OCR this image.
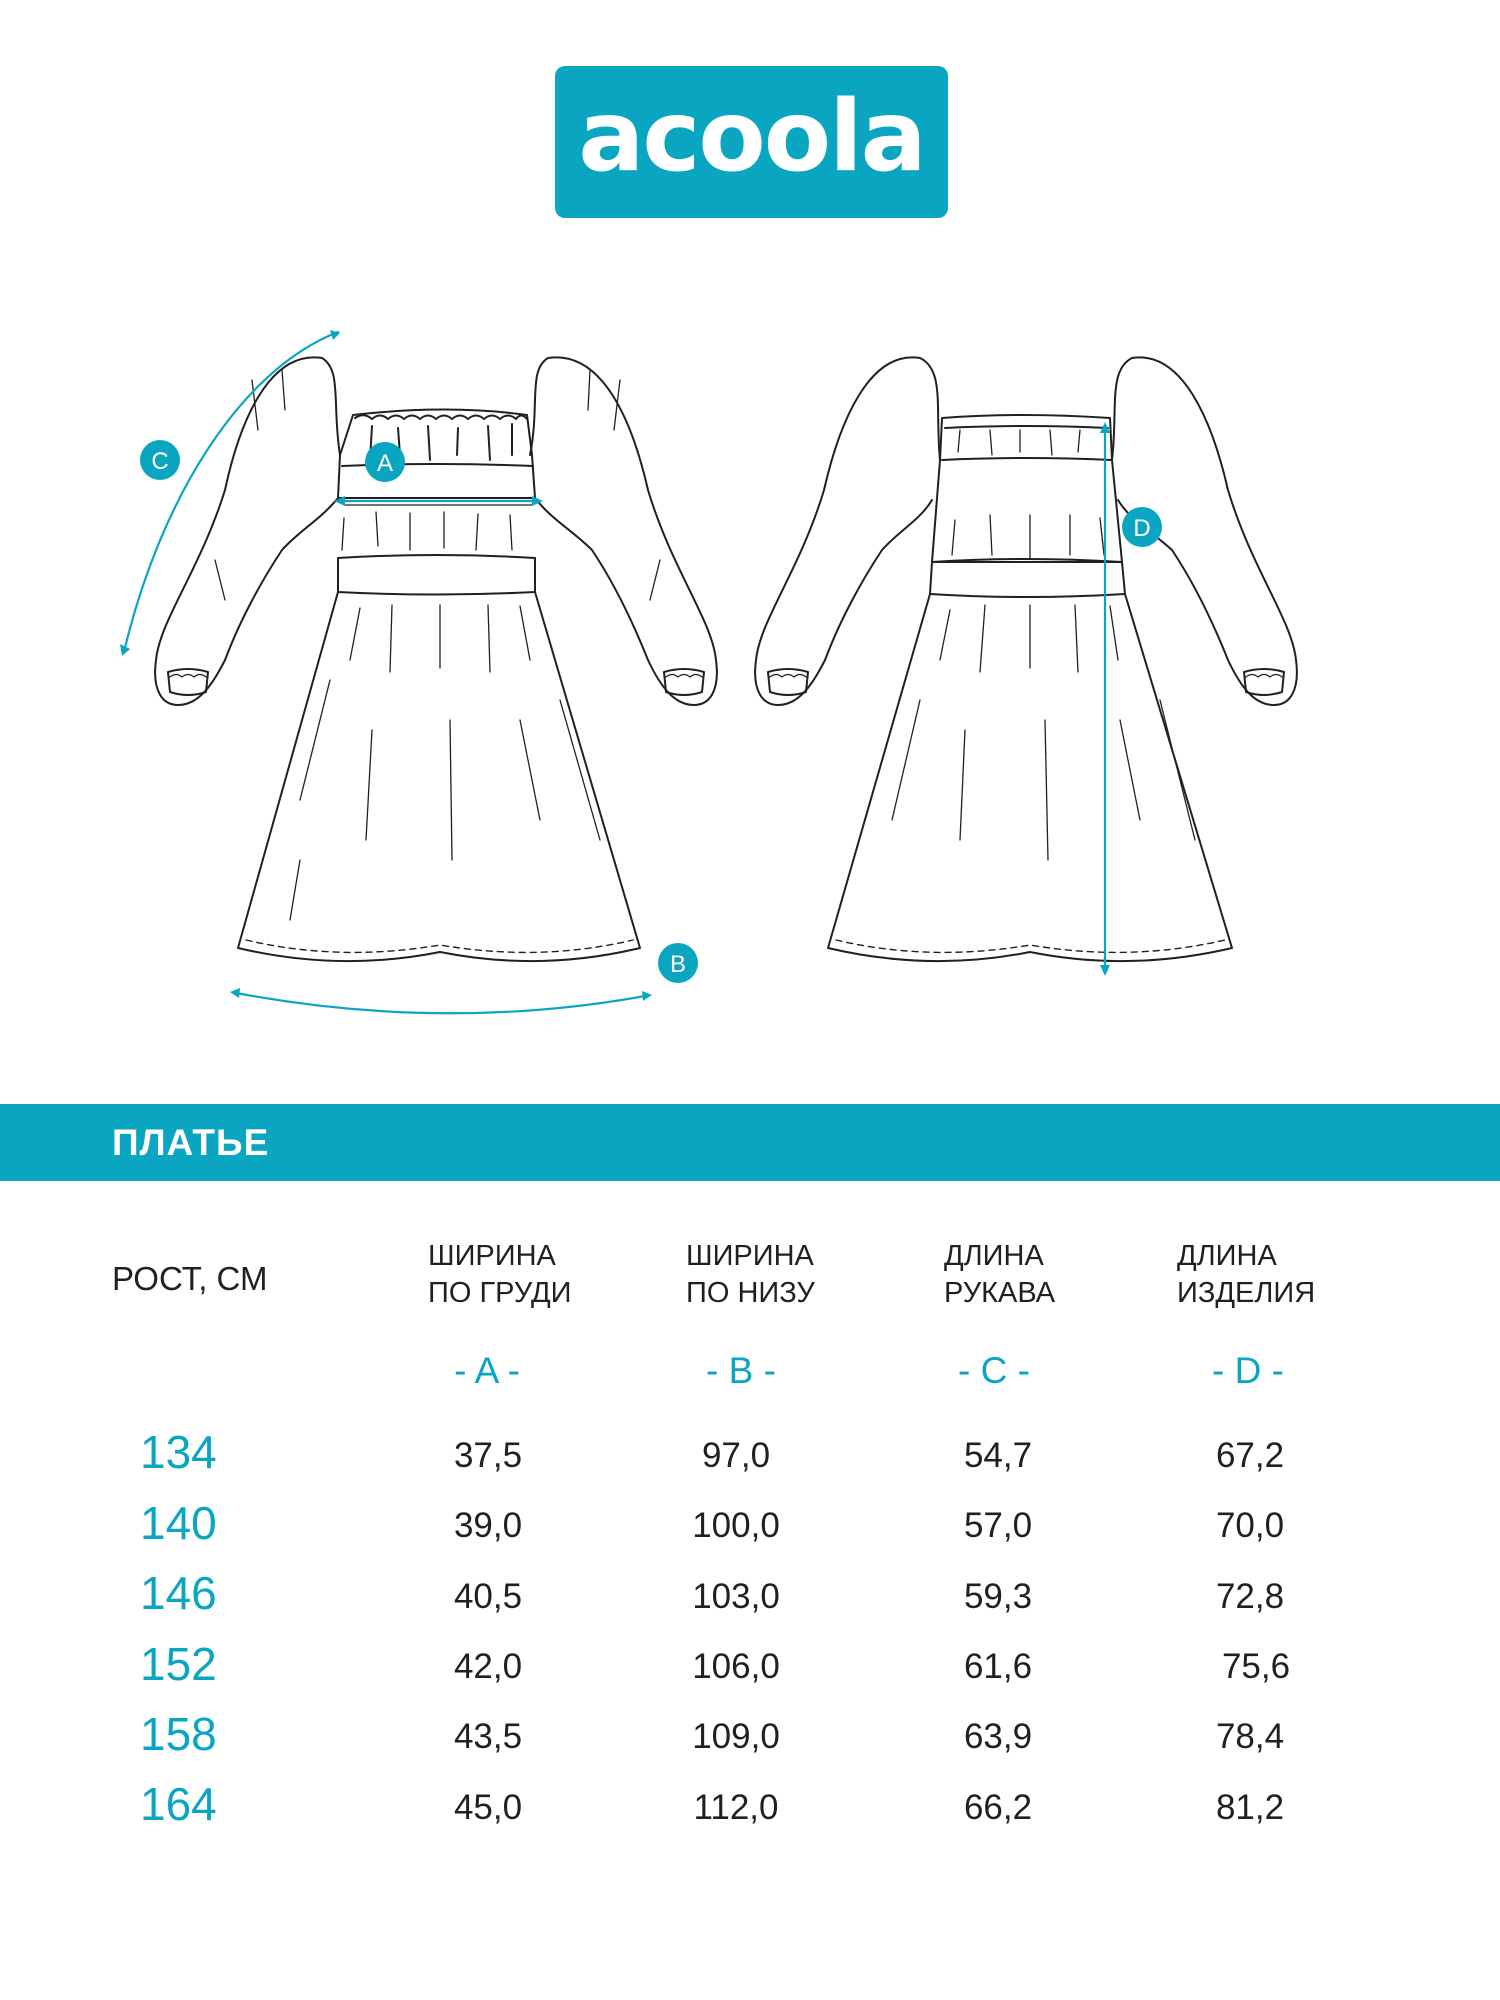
acoola
A
B
C
D
ПЛАТЬЕ
РОСТ, СМ
ШИРИНА
ПО ГРУДИ
ШИРИНА
ПО НИЗУ
ДЛИНА
РУКАВА
ДЛИНА
ИЗДЕЛИЯ
- A -	- B -	- C -	- D -
134	37,5	97,0	54,7	67,2
140	39,0	100,0	57,0	70,0
146	40,5	103,0	59,3	72,8
152	42,0	106,0	61,6	75,6
158	43,5	109,0	63,9	78,4
164	45,0	112,0	66,2	81,2
